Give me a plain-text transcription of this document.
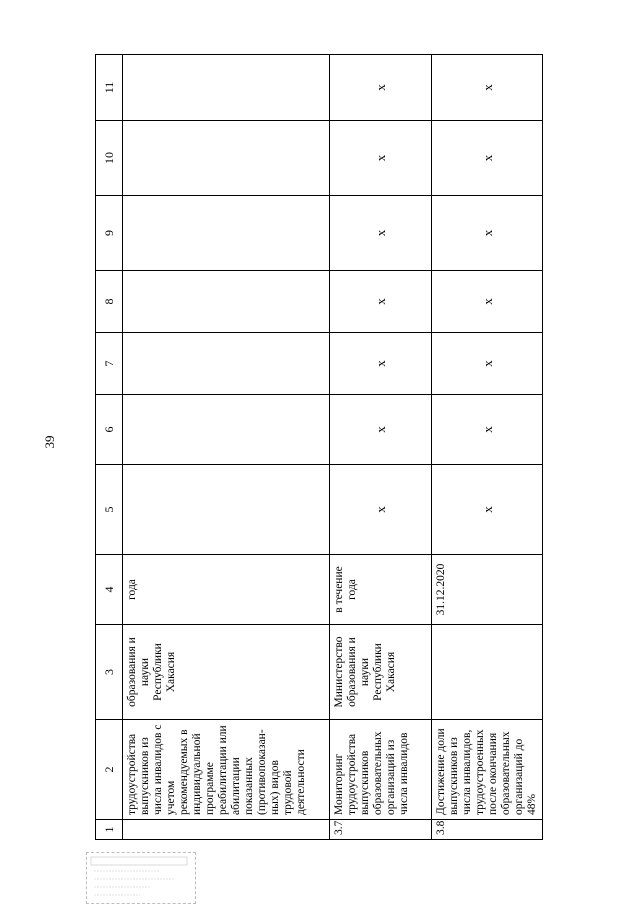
39
1	2	3	4	5	6	7	8	9	10	11
	трудоустройства выпускников из числа инвалидов с учетом рекомендуемых в индивидуальной программе реабилитации или абилитации показанных (противопоказан-ных) видов трудовой деятельности	образования и науки Республики Хакасия	года							
3.7	Мониторинг трудоустройства выпускников образовательных организаций из числа инвалидов	Министерство образования и науки Республики Хакасия	в течение года	х	х	х	х	х	х	х
3.8	Достижение доли выпускников из числа инвалидов, трудоустроенных после окончания образовательных организаций до 48%		31.12.2020	х	х	х	х	х	х	х
